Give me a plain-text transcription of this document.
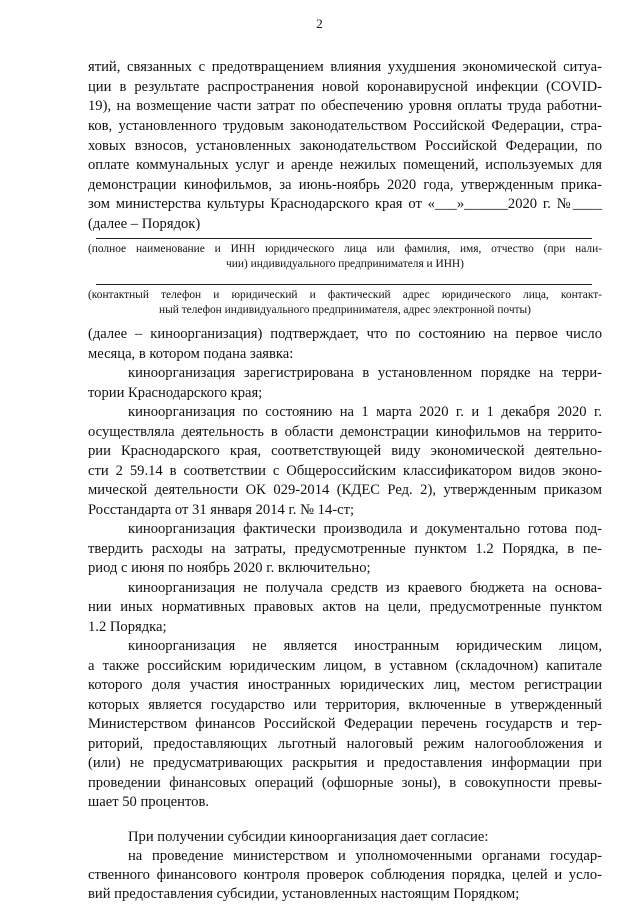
2
ятий, связанных с предотвращением влияния ухудшения экономической ситуа-
ции в результате распространения новой коронавирусной инфекции (COVID-
19), на возмещение части затрат по обеспечению уровня оплаты труда работни-
ков, установленного трудовым законодательством Российской Федерации, стра-
ховых взносов, установленных законодательством Российской Федерации, по
оплате коммунальных услуг и аренде нежилых помещений, используемых для
демонстрации кинофильмов, за июнь-ноябрь 2020 года, утвержденным прика-
зом министерства культуры Краснодарского края от «___»______2020 г. №____
(далее – Порядок)
(полное наименование и ИНН юридического лица или фамилия, имя, отчество (при нали-
чии) индивидуального предпринимателя и ИНН)
(контактный телефон и юридический и фактический адрес юридического лица, контакт-
ный телефон индивидуального предпринимателя, адрес электронной почты)
(далее – киноорганизация) подтверждает, что по состоянию на первое число
месяца, в котором подана заявка:
киноорганизация зарегистрирована в установленном порядке на терри-
тории Краснодарского края;
киноорганизация по состоянию на 1 марта 2020 г. и 1 декабря 2020 г.
осуществляла деятельность в области демонстрации кинофильмов на террито-
рии Краснодарского края, соответствующей виду экономической деятельно-
сти 2 59.14 в соответствии с Общероссийским классификатором видов эконо-
мической деятельности ОК 029-2014 (КДЕС Ред. 2), утвержденным приказом
Росстандарта от 31 января 2014 г. № 14-ст;
киноорганизация фактически производила и документально готова под-
твердить расходы на затраты, предусмотренные пунктом 1.2 Порядка, в пе-
риод с июня по ноябрь 2020 г. включительно;
киноорганизация не получала средств из краевого бюджета на основа-
нии иных нормативных правовых актов на цели, предусмотренные пунктом
1.2 Порядка;
киноорганизация не является иностранным юридическим лицом,
а также российским юридическим лицом, в уставном (складочном) капитале
которого доля участия иностранных юридических лиц, местом регистрации
которых является государство или территория, включенные в утвержденный
Министерством финансов Российской Федерации перечень государств и тер-
риторий, предоставляющих льготный налоговый режим налогообложения и
(или) не предусматривающих раскрытия и предоставления информации при
проведении финансовых операций (офшорные зоны), в совокупности превы-
шает 50 процентов.
При получении субсидии киноорганизация дает согласие:
на проведение министерством и уполномоченными органами государ-
ственного финансового контроля проверок соблюдения порядка, целей и усло-
вий предоставления субсидии, установленных настоящим Порядком;
